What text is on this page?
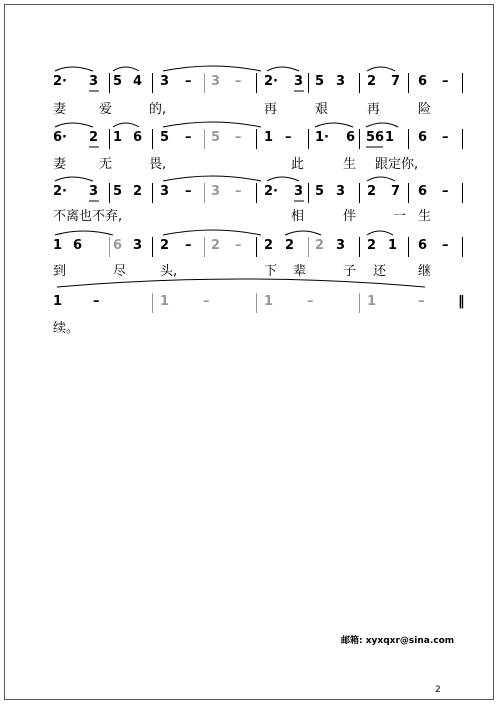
2· 3 5 4 3 – 3 – 2· 3 5 3 2 7 6 –
妻	爱	的,	再	艰	再	险
6· 2 1 6 5 – 5 – 1 – 1· 6 56 1 6 –
妻	无	畏,	此	生 跟定你,
2· 3 5 2 3 – 3 – 2· 3 5 3 2 7 6 –
不离也不弃,	相	伴	一 生
1 6 6 3 2 – 2 – 2 2 2 3 2 1 6 –
到	尽	头,	下 辈	子 还 继
1 –	1	–	1	–	1	–	‖
续。
邮箱: xyxqxr@sina.com
2
